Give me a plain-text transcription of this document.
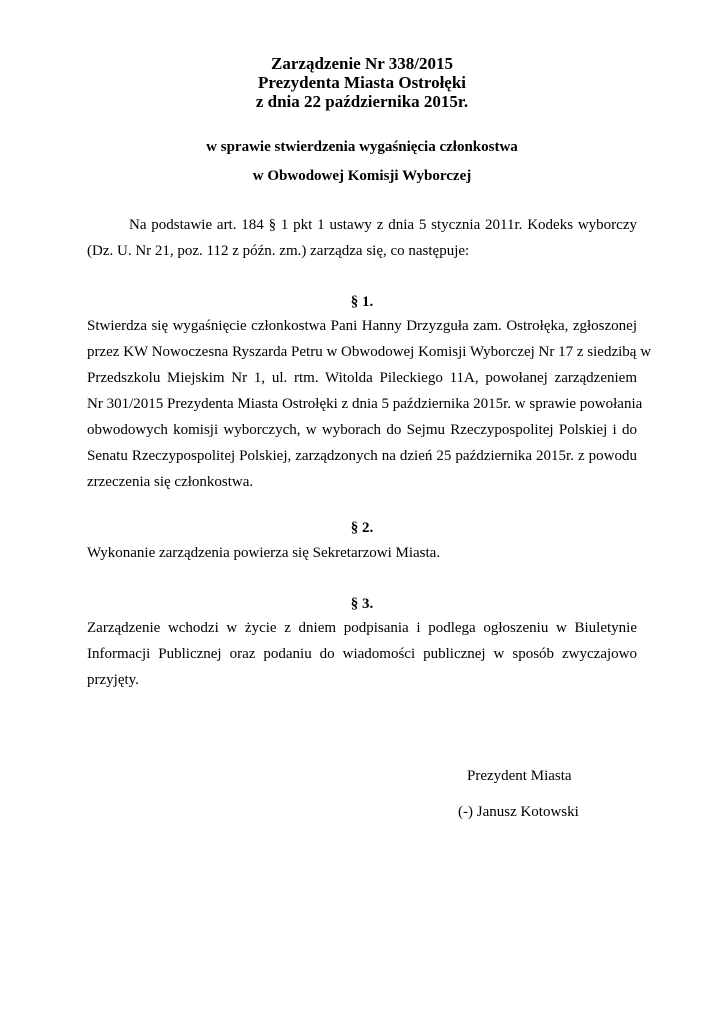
Zarządzenie Nr 338/2015
Prezydenta Miasta Ostrołęki
z dnia 22 października 2015r.
w sprawie stwierdzenia wygaśnięcia członkostwa
w Obwodowej Komisji Wyborczej
Na podstawie art. 184 § 1 pkt 1 ustawy z dnia 5 stycznia 2011r. Kodeks wyborczy
(Dz. U. Nr 21, poz. 112 z późn. zm.) zarządza się, co następuje:
§ 1.
Stwierdza się wygaśnięcie członkostwa Pani Hanny Drzyzguła zam. Ostrołęka, zgłoszonej
przez KW Nowoczesna Ryszarda Petru w Obwodowej Komisji Wyborczej Nr 17 z siedzibą w
Przedszkolu Miejskim Nr 1, ul. rtm. Witolda Pileckiego 11A, powołanej zarządzeniem
Nr 301/2015 Prezydenta Miasta Ostrołęki z dnia 5 października 2015r. w sprawie powołania
obwodowych komisji wyborczych, w wyborach do Sejmu Rzeczypospolitej Polskiej i do
Senatu Rzeczypospolitej Polskiej, zarządzonych na dzień 25 października 2015r. z powodu
zrzeczenia się członkostwa.
§ 2.
Wykonanie zarządzenia powierza się Sekretarzowi Miasta.
§ 3.
Zarządzenie wchodzi w życie z dniem podpisania i podlega ogłoszeniu w Biuletynie
Informacji Publicznej oraz podaniu do wiadomości publicznej w sposób zwyczajowo
przyjęty.
Prezydent Miasta
(-) Janusz Kotowski
